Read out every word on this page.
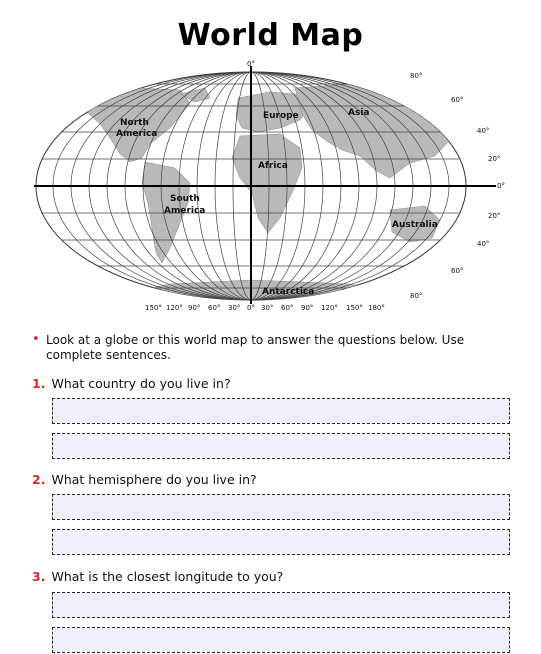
World Map
0°
North
America
South
America
Europe
Africa
Asia
Australia
Antarctica
80°
60°
40°
20°
0°
20°
40°
60°
80°
150° 120° 90° 60° 30° 0° 30° 60° 90° 120° 150° 180°
• Look at a globe or this world map to answer the questions below. Use complete sentences.
1. What country do you live in?
2. What hemisphere do you live in?
3. What is the closest longitude to you?
